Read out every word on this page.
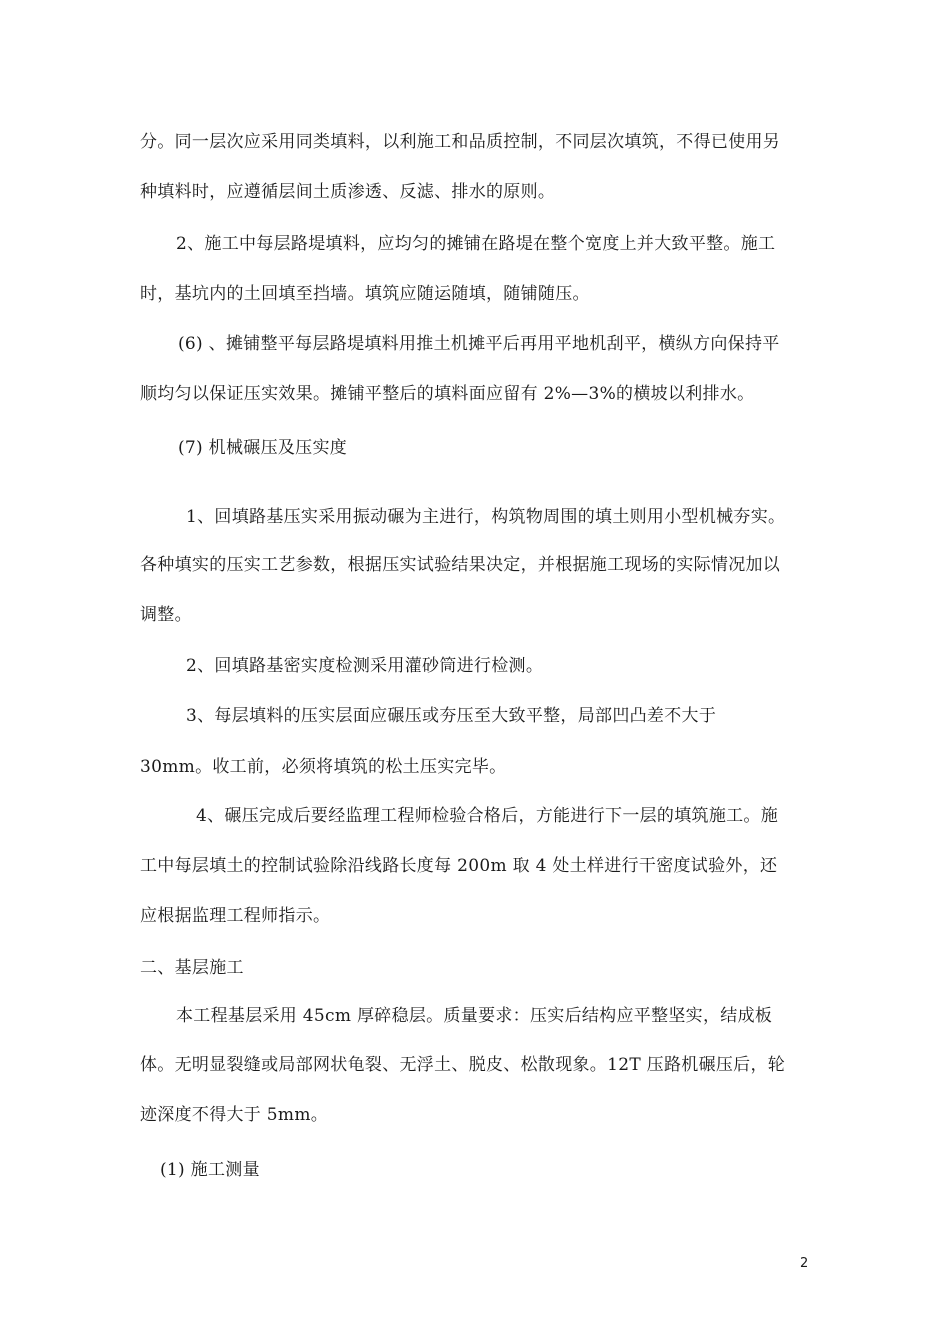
分。同一层次应采用同类填料，以利施工和品质控制，不同层次填筑，不得已使用另
种填料时，应遵循层间土质渗透、反滤、排水的原则。
2、施工中每层路堤填料，应均匀的摊铺在路堤在整个宽度上并大致平整。施工
时，基坑内的土回填至挡墙。填筑应随运随填，随铺随压。
(6) 、摊铺整平每层路堤填料用推土机摊平后再用平地机刮平，横纵方向保持平
顺均匀以保证压实效果。摊铺平整后的填料面应留有 2%—3%的横坡以利排水。
(7) 机械碾压及压实度
1、回填路基压实采用振动碾为主进行，构筑物周围的填土则用小型机械夯实。
各种填实的压实工艺参数，根据压实试验结果决定，并根据施工现场的实际情况加以
调整。
2、回填路基密实度检测采用灌砂筒进行检测。
3、每层填料的压实层面应碾压或夯压至大致平整，局部凹凸差不大于
30mm。收工前，必须将填筑的松土压实完毕。
4、碾压完成后要经监理工程师检验合格后，方能进行下一层的填筑施工。施
工中每层填土的控制试验除沿线路长度每 200m 取 4 处土样进行干密度试验外，还
应根据监理工程师指示。
二、基层施工
本工程基层采用 45cm 厚碎稳层。质量要求：压实后结构应平整坚实，结成板
体。无明显裂缝或局部网状龟裂、无浮土、脱皮、松散现象。12T 压路机碾压后，轮
迹深度不得大于 5mm。
(1) 施工测量
2
